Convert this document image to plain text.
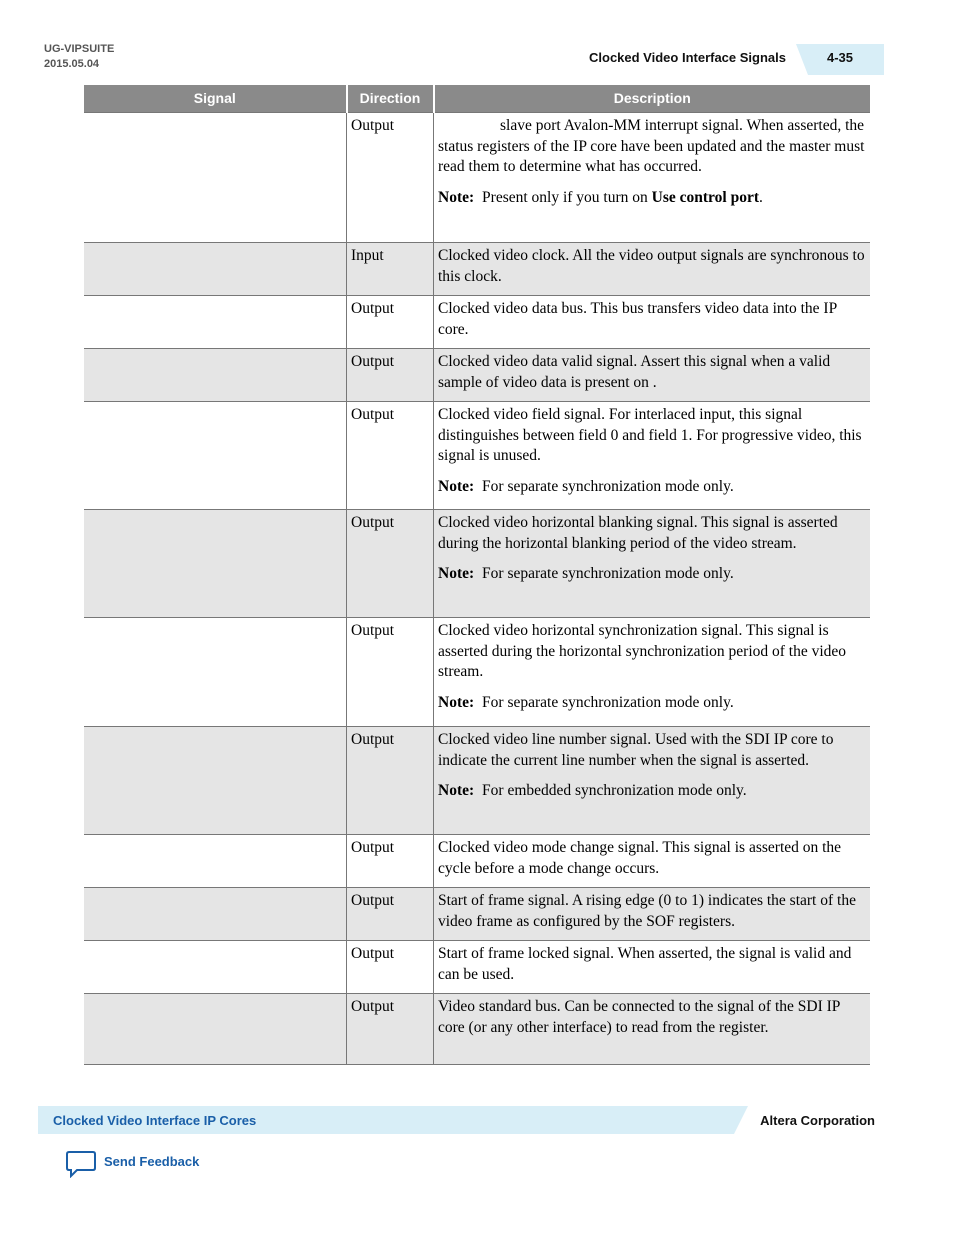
UG-VIPSUITE
2015.05.04	Clocked Video Interface Signals	4-35
Signal	Direction	Description
	Output	slave port Avalon-MM interrupt signal. When asserted, the status registers of the IP core have been updated and the master must read them to determine what has occurred.
Note: Present only if you turn on Use control port.

	Input	Clocked video clock. All the video output signals are synchronous to this clock.

	Output	Clocked video data bus. This bus transfers video data into the IP core.

	Output	Clocked video data valid signal. Assert this signal when a valid sample of video data is present on .

	Output	Clocked video field signal. For interlaced input, this signal distinguishes between field 0 and field 1. For progressive video, this signal is unused.
Note: For separate synchronization mode only.

	Output	Clocked video horizontal blanking signal. This signal is asserted during the horizontal blanking period of the video stream.
Note: For separate synchronization mode only.

	Output	Clocked video horizontal synchronization signal. This signal is asserted during the horizontal synchronization period of the video stream.
Note: For separate synchronization mode only.

	Output	Clocked video line number signal. Used with the SDI IP core to indicate the current line number when the signal is asserted.
Note: For embedded synchronization mode only.

	Output	Clocked video mode change signal. This signal is asserted on the cycle before a mode change occurs.

	Output	Start of frame signal. A rising edge (0 to 1) indicates the start of the video frame as configured by the SOF registers.

	Output	Start of frame locked signal. When asserted, the signal is valid and can be used.

	Output	Video standard bus. Can be connected to the signal of the SDI IP core (or any other interface) to read from the register.
Clocked Video Interface IP Cores	Altera Corporation
Send Feedback
